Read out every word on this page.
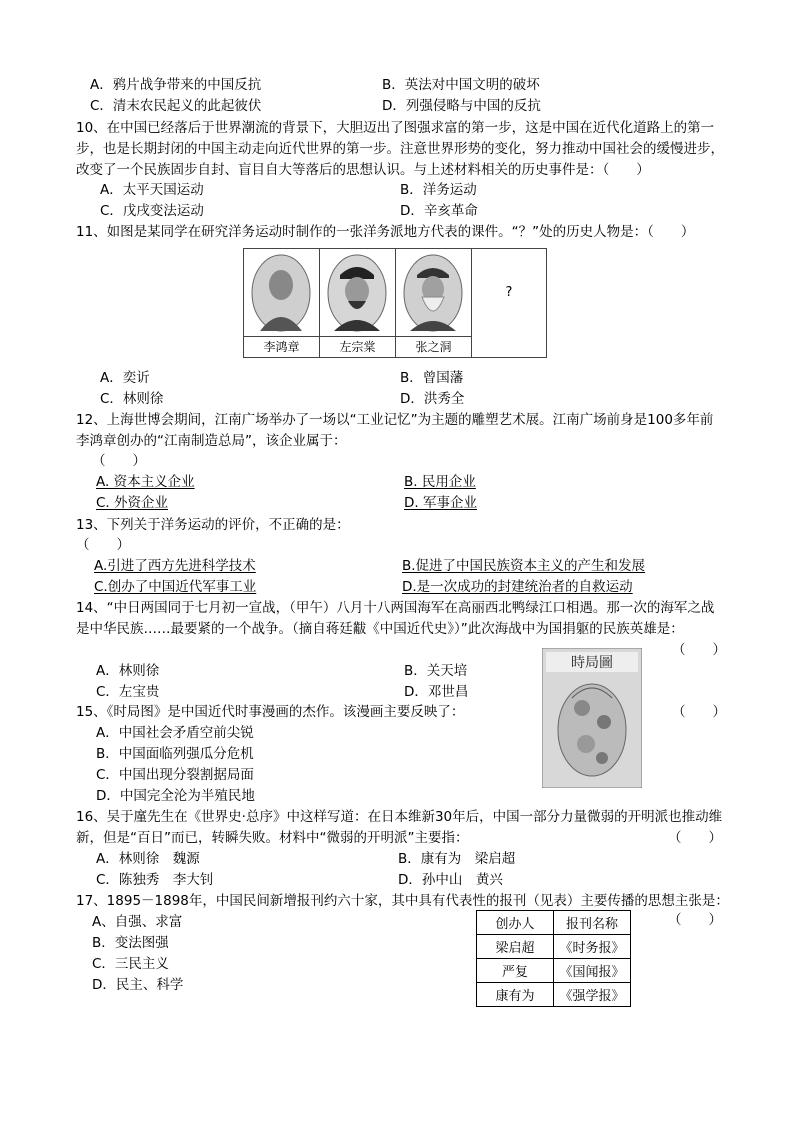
A．鸦片战争带来的中国反抗	B．英法对中国文明的破坏
C．清末农民起义的此起彼伏	D．列强侵略与中国的反抗
10、在中国已经落后于世界潮流的背景下，大胆迈出了图强求富的第一步，这是中国在近代化道路上的第一步，也是长期封闭的中国主动走向近代世界的第一步。注意世界形势的变化，努力推动中国社会的缓慢进步，改变了一个民族固步自封、盲目自大等落后的思想认识。与上述材料相关的历史事件是：（　　）
A．太平天国运动	B．洋务运动
C．戊戌变法运动	D．辛亥革命
11、如图是某同学在研究洋务运动时制作的一张洋务派地方代表的课件。“？”处的历史人物是：（　　）
李鸿章	左宗棠	张之洞
?
A．奕䜣	B．曾国藩
C．林则徐	D．洪秀全
12、上海世博会期间，江南广场举办了一场以“工业记忆”为主题的雕塑艺术展。江南广场前身是100多年前李鸿章创办的“江南制造总局”，该企业属于：
（　　）
A. 资本主义企业	B. 民用企业
C. 外资企业	D. 军事企业
13、下列关于洋务运动的评价，不正确的是：
（　　）
A.引进了西方先进科学技术	B.促进了中国民族资本主义的产生和发展
C.创办了中国近代军事工业	D.是一次成功的封建统治者的自救运动
14、“中日两国同于七月初一宣战，（甲午）八月十八两国海军在高丽西北鸭绿江口相遇。那一次的海军之战是中华民族……最要紧的一个战争。（摘自蒋廷黻《中国近代史》）”此次海战中为国捐躯的民族英雄是：
（　　）
A．林则徐	B．关天培
C．左宝贵	D．邓世昌
15、《时局图》是中国近代时事漫画的杰作。该漫画主要反映了：	（　　）
A．中国社会矛盾空前尖锐
B．中国面临列强瓜分危机
C．中国出现分裂割据局面
D．中国完全沦为半殖民地
時局圖
16、吴于廑先生在《世界史·总序》中这样写道：在日本维新30年后，中国一部分力量微弱的开明派也推动维新，但是“百日”而已，转瞬失败。材料中“微弱的开明派”主要指：	（　　）
A．林则徐　魏源	B．康有为　梁启超
C．陈独秀　李大钊	D．孙中山　黄兴
17、1895－1898年，中国民间新增报刊约六十家，其中具有代表性的报刊（见表）主要传播的思想主张是：
（　　）
A、自强、求富
B．变法图强
C．三民主义
D．民主、科学
创办人	报刊名称
梁启超	《时务报》
严复	《国闻报》
康有为	《强学报》
